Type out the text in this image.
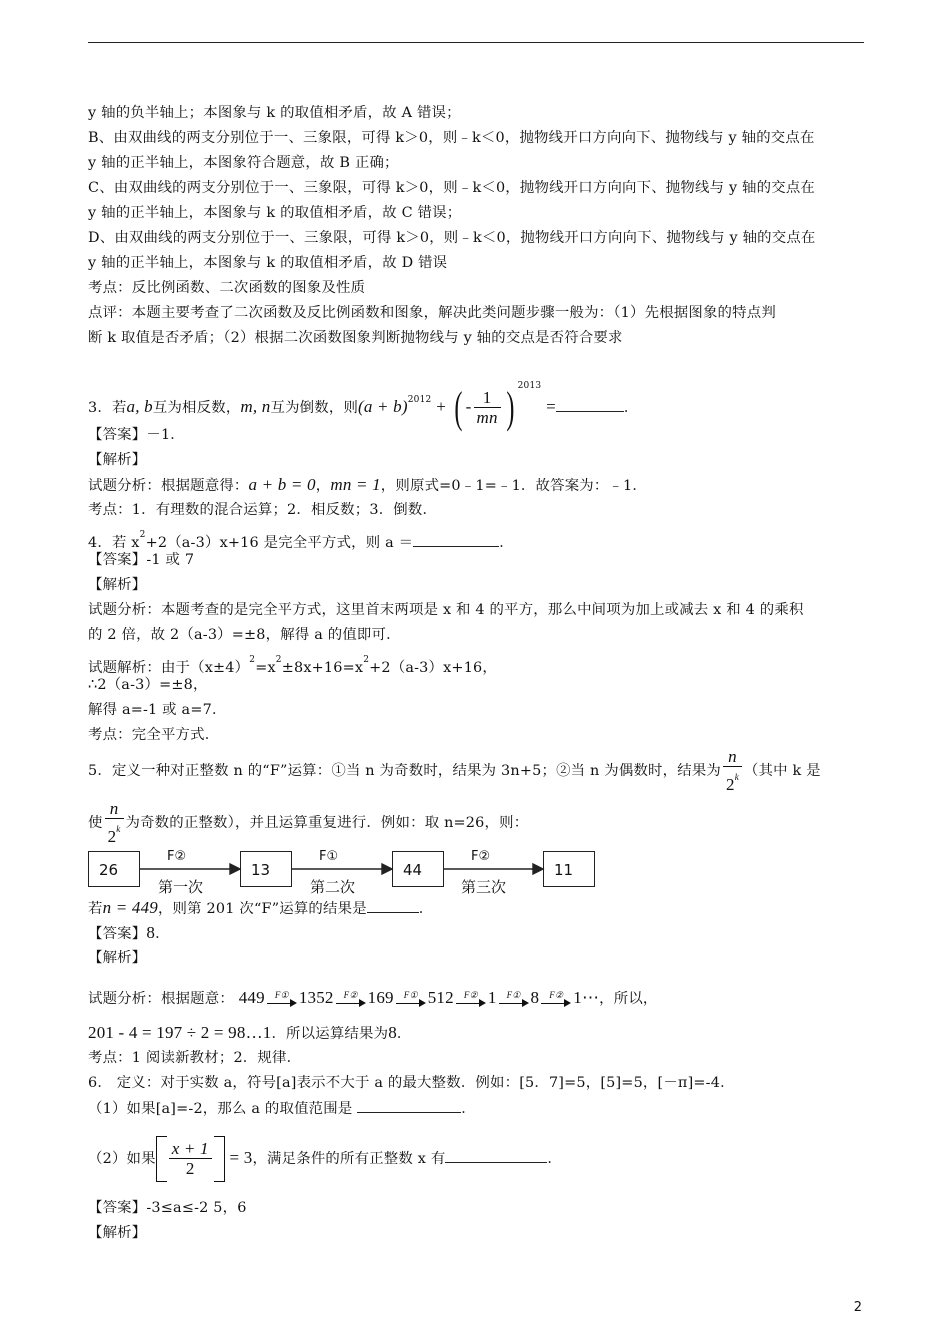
y 轴的负半轴上；本图象与 k 的取值相矛盾，故 A 错误；
B、由双曲线的两支分别位于一、三象限，可得 k＞0，则﹣k＜0，抛物线开口方向向下、抛物线与 y 轴的交点在
y 轴的正半轴上，本图象符合题意，故 B 正确；
C、由双曲线的两支分别位于一、三象限，可得 k＞0，则﹣k＜0，抛物线开口方向向下、抛物线与 y 轴的交点在
y 轴的正半轴上，本图象与 k 的取值相矛盾，故 C 错误；
D、由双曲线的两支分别位于一、三象限，可得 k＞0，则﹣k＜0，抛物线开口方向向下、抛物线与 y 轴的交点在
y 轴的正半轴上，本图象与 k 的取值相矛盾，故 D 错误
考点：反比例函数、二次函数的图象及性质
点评：本题主要考查了二次函数及反比例函数和图象，解决此类问题步骤一般为：（1）先根据图象的特点判
断 k 取值是否矛盾；（2）根据二次函数图象判断抛物线与 y 轴的交点是否符合要求
3．若a, b互为相反数，m, n互为倒数，则$(a + b)^{2012}$ + ( - $\frac{1}{mn}$ ) $^{2013}$ =	．
【答案】－1．
【解析】
试题分析：根据题意得：a + b = 0，mn = 1，则原式=0﹣1=﹣1．故答案为：﹣1．
考点：1．有理数的混合运算；2．相反数；3．倒数．
4．若 $x^2+2(a-3)x+16$ 是完全平方式，则 a ＝	．
【答案】-1 或 7
【解析】
试题分析：本题考查的是完全平方式，这里首末两项是 x 和 4 的平方，那么中间项为加上或减去 x 和 4 的乘积
的 2 倍，故 2（a-3）=±8，解得 a 的值即可．
试题解析：由于$(x\pm 4)^2=x^2\pm 8x+16=x^2+2(a-3)x+16$，
∴2（a-3）=±8，
解得 a=-1 或 a=7．
考点：完全平方式．
5．定义一种对正整数 n 的“F”运算：①当 n 为奇数时，结果为 3n+5；②当 n 为偶数时，结果为 $\frac{n}{2^k}$ （其中 k 是
使 $\frac{n}{2^k}$ 为奇数的正整数），并且运算重复进行．例如：取 n=26，则：
26	13	44	11
F②	F①	F②
第一次	第二次	第三次
若n = 449，则第 201 次“F”运算的结果是	．
【答案】8．
【解析】
试题分析：根据题意： 449	F① 1352	F② 169	F① 512	F② 1	F① 8	F② 1⋯，所以，
201 - 4 = 197 ÷ 2 = 98…1．所以运算结果为8．
考点：1 阅读新教材；2．规律．
6． 定义：对于实数 a，符号[a]表示不大于 a 的最大整数．例如：[5．7]=5，[5]=5，[－π]=-4．
（1）如果[a]=-2，那么 a 的取值范围是	．
（2）如果 $\frac{x + 1}{2} = 3$，满足条件的所有正整数 x 有	．
【答案】-3≤a≤-2 5，6
【解析】
2
